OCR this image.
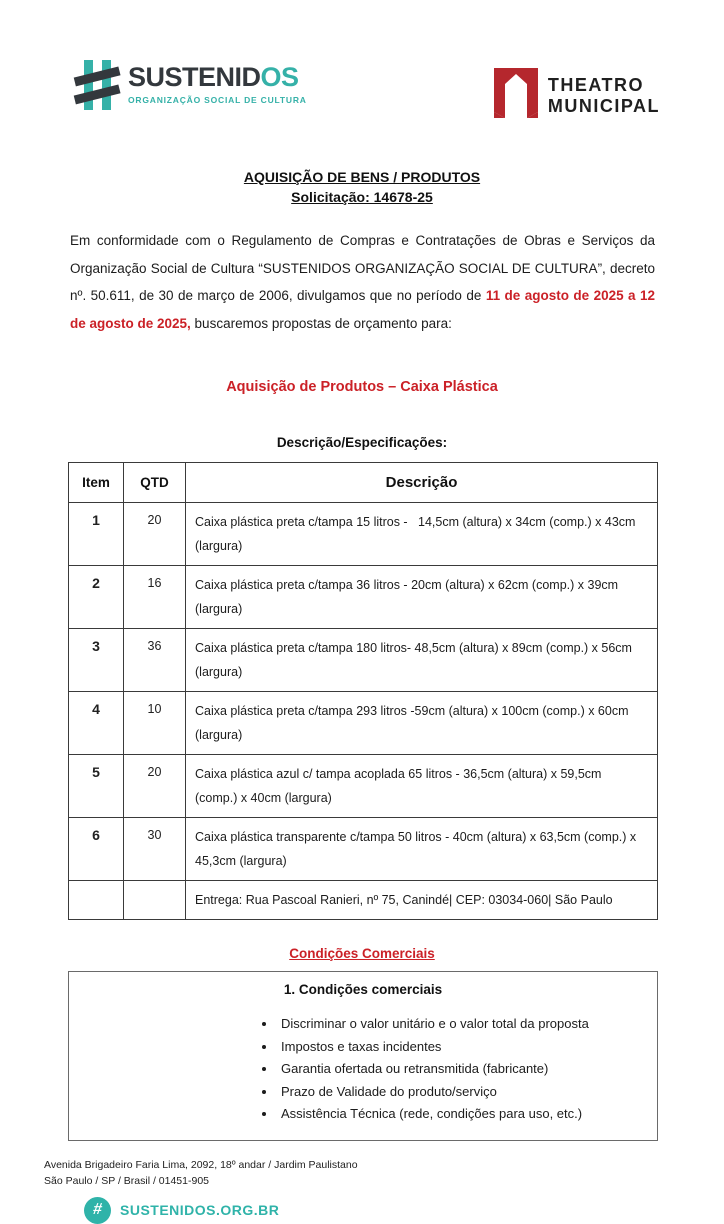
SUSTENIDOS
ORGANIZAÇÃO SOCIAL DE CULTURA
THEATRO
MUNICIPAL
AQUISIÇÃO DE BENS / PRODUTOS
Solicitação: 14678-25

Em conformidade com o Regulamento de Compras e Contratações de Obras e Serviços da Organização Social de Cultura “SUSTENIDOS ORGANIZAÇÃO SOCIAL DE CULTURA”, decreto nº. 50.611, de 30 de março de 2006, divulgamos que no período de 11 de agosto de 2025 a 12 de agosto de 2025, buscaremos propostas de orçamento para:

Aquisição de Produtos – Caixa Plástica
Descrição/Especificações:
Item	QTD	Descrição
1	20	Caixa plástica preta c/tampa 15 litros -   14,5cm (altura) x 34cm (comp.) x 43cm (largura)
2	16	Caixa plástica preta c/tampa 36 litros - 20cm (altura) x 62cm (comp.) x 39cm (largura)
3	36	Caixa plástica preta c/tampa 180 litros- 48,5cm (altura) x 89cm (comp.) x 56cm (largura)
4	10	Caixa plástica preta c/tampa 293 litros -59cm (altura) x 100cm (comp.) x 60cm (largura)
5	20	Caixa plástica azul c/ tampa acoplada 65 litros - 36,5cm (altura) x 59,5cm (comp.) x 40cm (largura)
6	30	Caixa plástica transparente c/tampa 50 litros - 40cm (altura) x 63,5cm (comp.) x 45,3cm (largura)
		Entrega: Rua Pascoal Ranieri, nº 75, Canindé| CEP: 03034-060| São Paulo
Condições Comerciais
1. Condições comerciais
• Discriminar o valor unitário e o valor total da proposta
• Impostos e taxas incidentes
• Garantia ofertada ou retransmitida (fabricante)
• Prazo de Validade do produto/serviço
• Assistência Técnica (rede, condições para uso, etc.)
Avenida Brigadeiro Faria Lima, 2092, 18º andar / Jardim Paulistano
São Paulo / SP / Brasil / 01451-905
# SUSTENIDOS.ORG.BR
